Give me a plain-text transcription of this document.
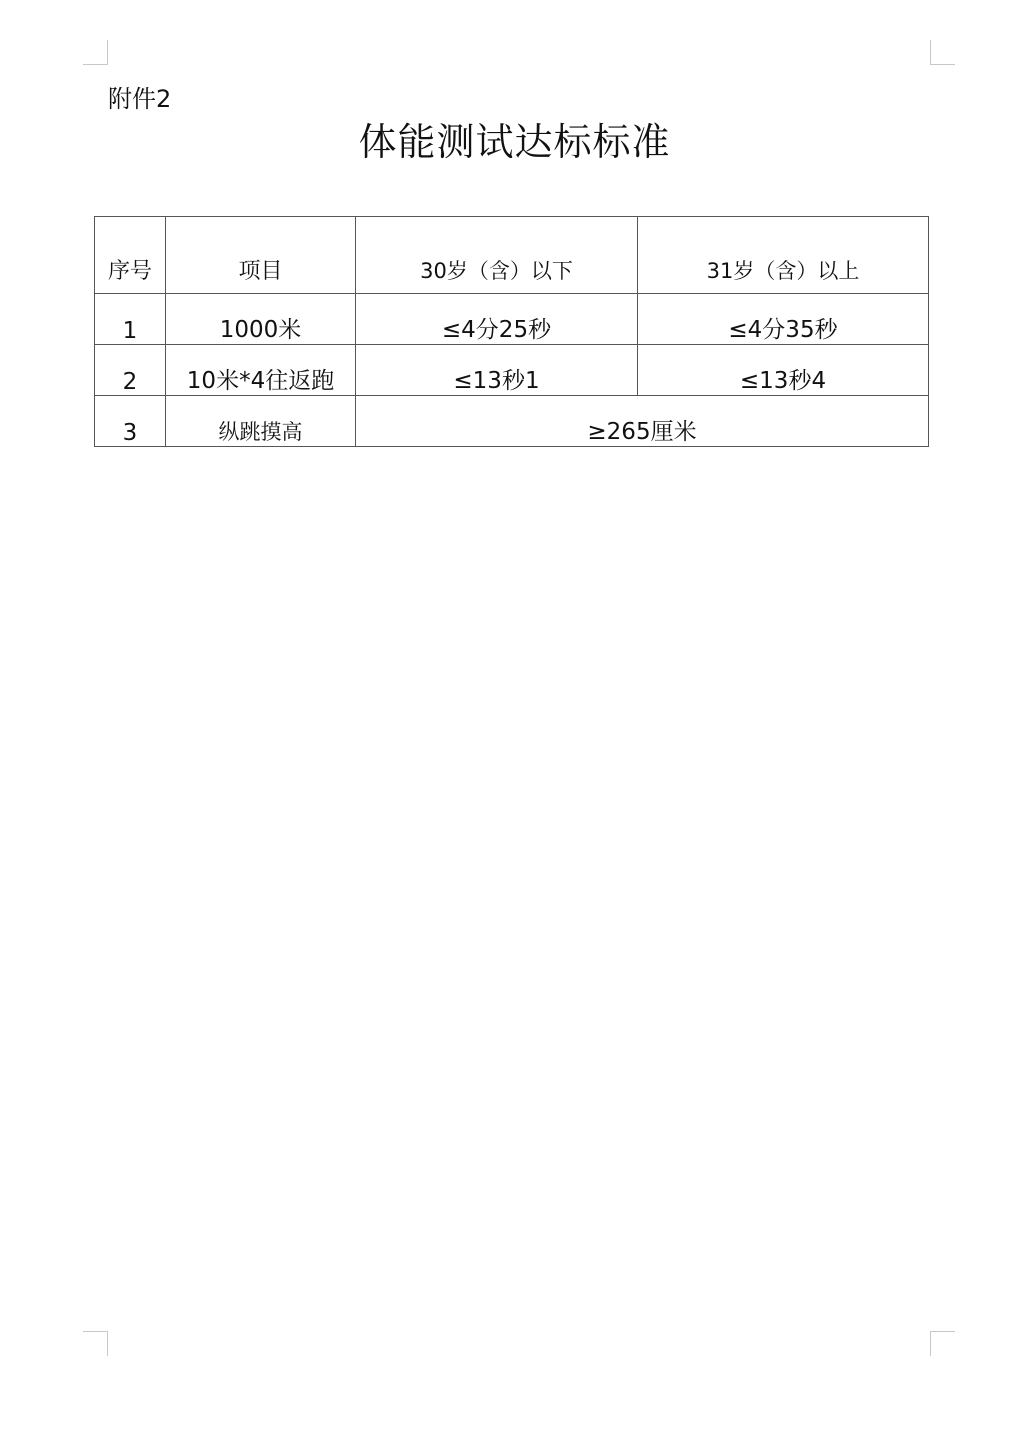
附件2
体能测试达标标准
序号	项目	30岁（含）以下	31岁（含）以上
1	1000米	≤4分25秒	≤4分35秒
2	10米*4往返跑	≤13秒1	≤13秒4
3	纵跳摸高	≥265厘米	
